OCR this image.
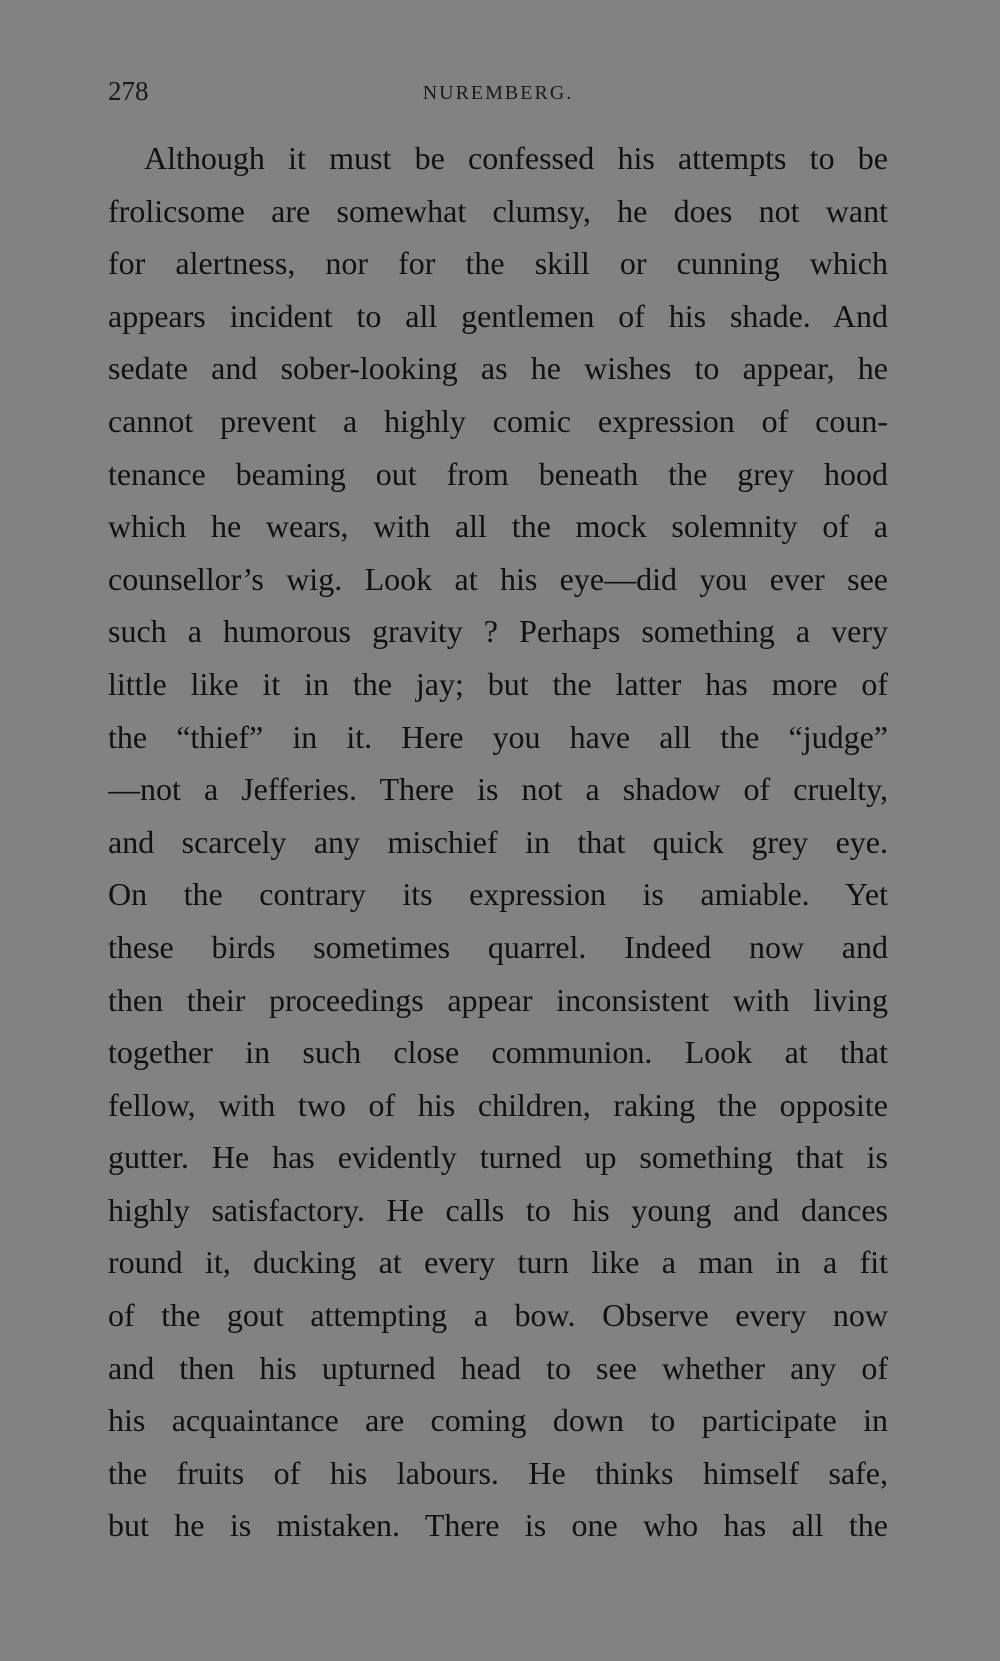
278	NUREMBERG.
Although it must be confessed his attempts to be
frolicsome are somewhat clumsy, he does not want
for alertness, nor for the skill or cunning which
appears incident to all gentlemen of his shade. And
sedate and sober-looking as he wishes to appear, he
cannot prevent a highly comic expression of coun-
tenance beaming out from beneath the grey hood
which he wears, with all the mock solemnity of a
counsellor’s wig. Look at his eye—did you ever see
such a humorous gravity ? Perhaps something a very
little like it in the jay; but the latter has more of
the “thief” in it. Here you have all the “judge”
—not a Jefferies. There is not a shadow of cruelty,
and scarcely any mischief in that quick grey eye.
On the contrary its expression is amiable. Yet
these birds sometimes quarrel. Indeed now and
then their proceedings appear inconsistent with living
together in such close communion. Look at that
fellow, with two of his children, raking the opposite
gutter. He has evidently turned up something that is
highly satisfactory. He calls to his young and dances
round it, ducking at every turn like a man in a fit
of the gout attempting a bow. Observe every now
and then his upturned head to see whether any of
his acquaintance are coming down to participate in
the fruits of his labours. He thinks himself safe,
but he is mistaken. There is one who has all the
